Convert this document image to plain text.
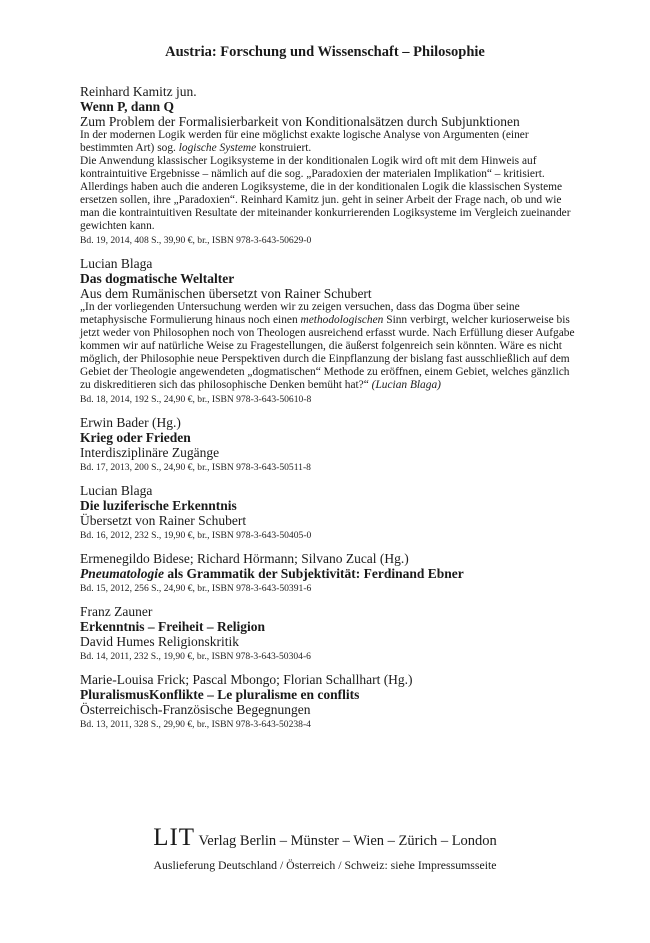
Austria: Forschung und Wissenschaft – Philosophie
Reinhard Kamitz jun.
Wenn P, dann Q
Zum Problem der Formalisierbarkeit von Konditionalsätzen durch Subjunktionen

In der modernen Logik werden für eine möglichst exakte logische Analyse von Argumenten (einer bestimmten Art) sog. logische Systeme konstruiert.

Die Anwendung klassischer Logiksysteme in der konditionalen Logik wird oft mit dem Hinweis auf kontraintuitive Ergebnisse – nämlich auf die sog. „Paradoxien der materialen Implikation“ – kritisiert. Allerdings haben auch die anderen Logiksysteme, die in der konditionalen Logik die klassischen Systeme ersetzen sollen, ihre „Paradoxien“. Reinhard Kamitz jun. geht in seiner Arbeit der Frage nach, ob und wie man die kontraintuitiven Resultate der miteinander konkurrierenden Logiksysteme im Vergleich zueinander gewichten kann.

Bd. 19, 2014, 408 S., 39,90 €, br., ISBN 978-3-643-50629-0
Lucian Blaga
Das dogmatische Weltalter
Aus dem Rumänischen übersetzt von Rainer Schubert

„In der vorliegenden Untersuchung werden wir zu zeigen versuchen, dass das Dogma über seine metaphysische Formulierung hinaus noch einen methodologischen Sinn verbirgt, welcher kurioserweise bis jetzt weder von Philosophen noch von Theologen ausreichend erfasst wurde. Nach Erfüllung dieser Aufgabe kommen wir auf natürliche Weise zu Fragestellungen, die äußerst folgenreich sein könnten. Wäre es nicht möglich, der Philosophie neue Perspektiven durch die Einpflanzung der bislang fast ausschließlich auf dem Gebiet der Theologie angewendeten „dogmatischen“ Methode zu eröffnen, einem Gebiet, welches gänzlich zu diskreditieren sich das philosophische Denken bemüht hat?“ (Lucian Blaga)

Bd. 18, 2014, 192 S., 24,90 €, br., ISBN 978-3-643-50610-8
Erwin Bader (Hg.)
Krieg oder Frieden
Interdisziplinäre Zugänge
Bd. 17, 2013, 200 S., 24,90 €, br., ISBN 978-3-643-50511-8
Lucian Blaga
Die luziferische Erkenntnis
Übersetzt von Rainer Schubert
Bd. 16, 2012, 232 S., 19,90 €, br., ISBN 978-3-643-50405-0
Ermenegildo Bidese; Richard Hörmann; Silvano Zucal (Hg.)
Pneumatologie als Grammatik der Subjektivität: Ferdinand Ebner
Bd. 15, 2012, 256 S., 24,90 €, br., ISBN 978-3-643-50391-6
Franz Zauner
Erkenntnis – Freiheit – Religion
David Humes Religionskritik
Bd. 14, 2011, 232 S., 19,90 €, br., ISBN 978-3-643-50304-6
Marie-Louisa Frick; Pascal Mbongo; Florian Schallhart (Hg.)
PluralismusKonflikte – Le pluralisme en conflits
Österreichisch-Französische Begegnungen
Bd. 13, 2011, 328 S., 29,90 €, br., ISBN 978-3-643-50238-4
LIT Verlag Berlin – Münster – Wien – Zürich – London
Auslieferung Deutschland / Österreich / Schweiz: siehe Impressumsseite
